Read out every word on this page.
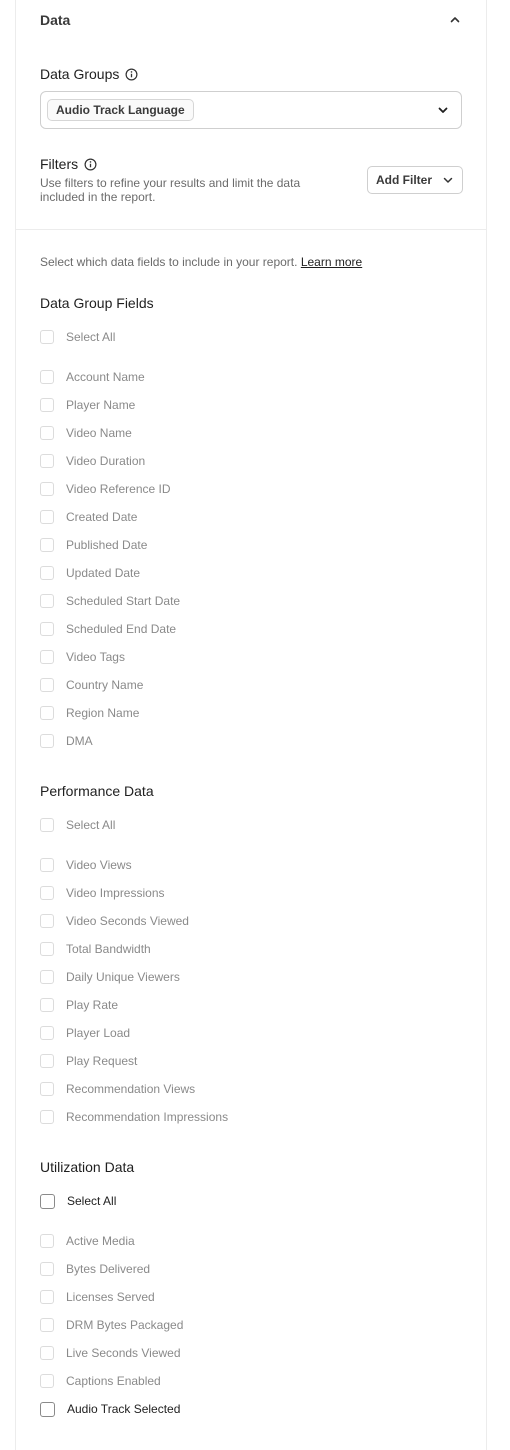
Data
Data Groups
Audio Track Language
Filters
Use filters to refine your results and limit the data included in the report.
Add Filter
Select which data fields to include in your report. Learn more
Data Group Fields
Select All
Account Name
Player Name
Video Name
Video Duration
Video Reference ID
Created Date
Published Date
Updated Date
Scheduled Start Date
Scheduled End Date
Video Tags
Country Name
Region Name
DMA
Performance Data
Select All
Video Views
Video Impressions
Video Seconds Viewed
Total Bandwidth
Daily Unique Viewers
Play Rate
Player Load
Play Request
Recommendation Views
Recommendation Impressions
Utilization Data
Select All
Active Media
Bytes Delivered
Licenses Served
DRM Bytes Packaged
Live Seconds Viewed
Captions Enabled
Audio Track Selected
